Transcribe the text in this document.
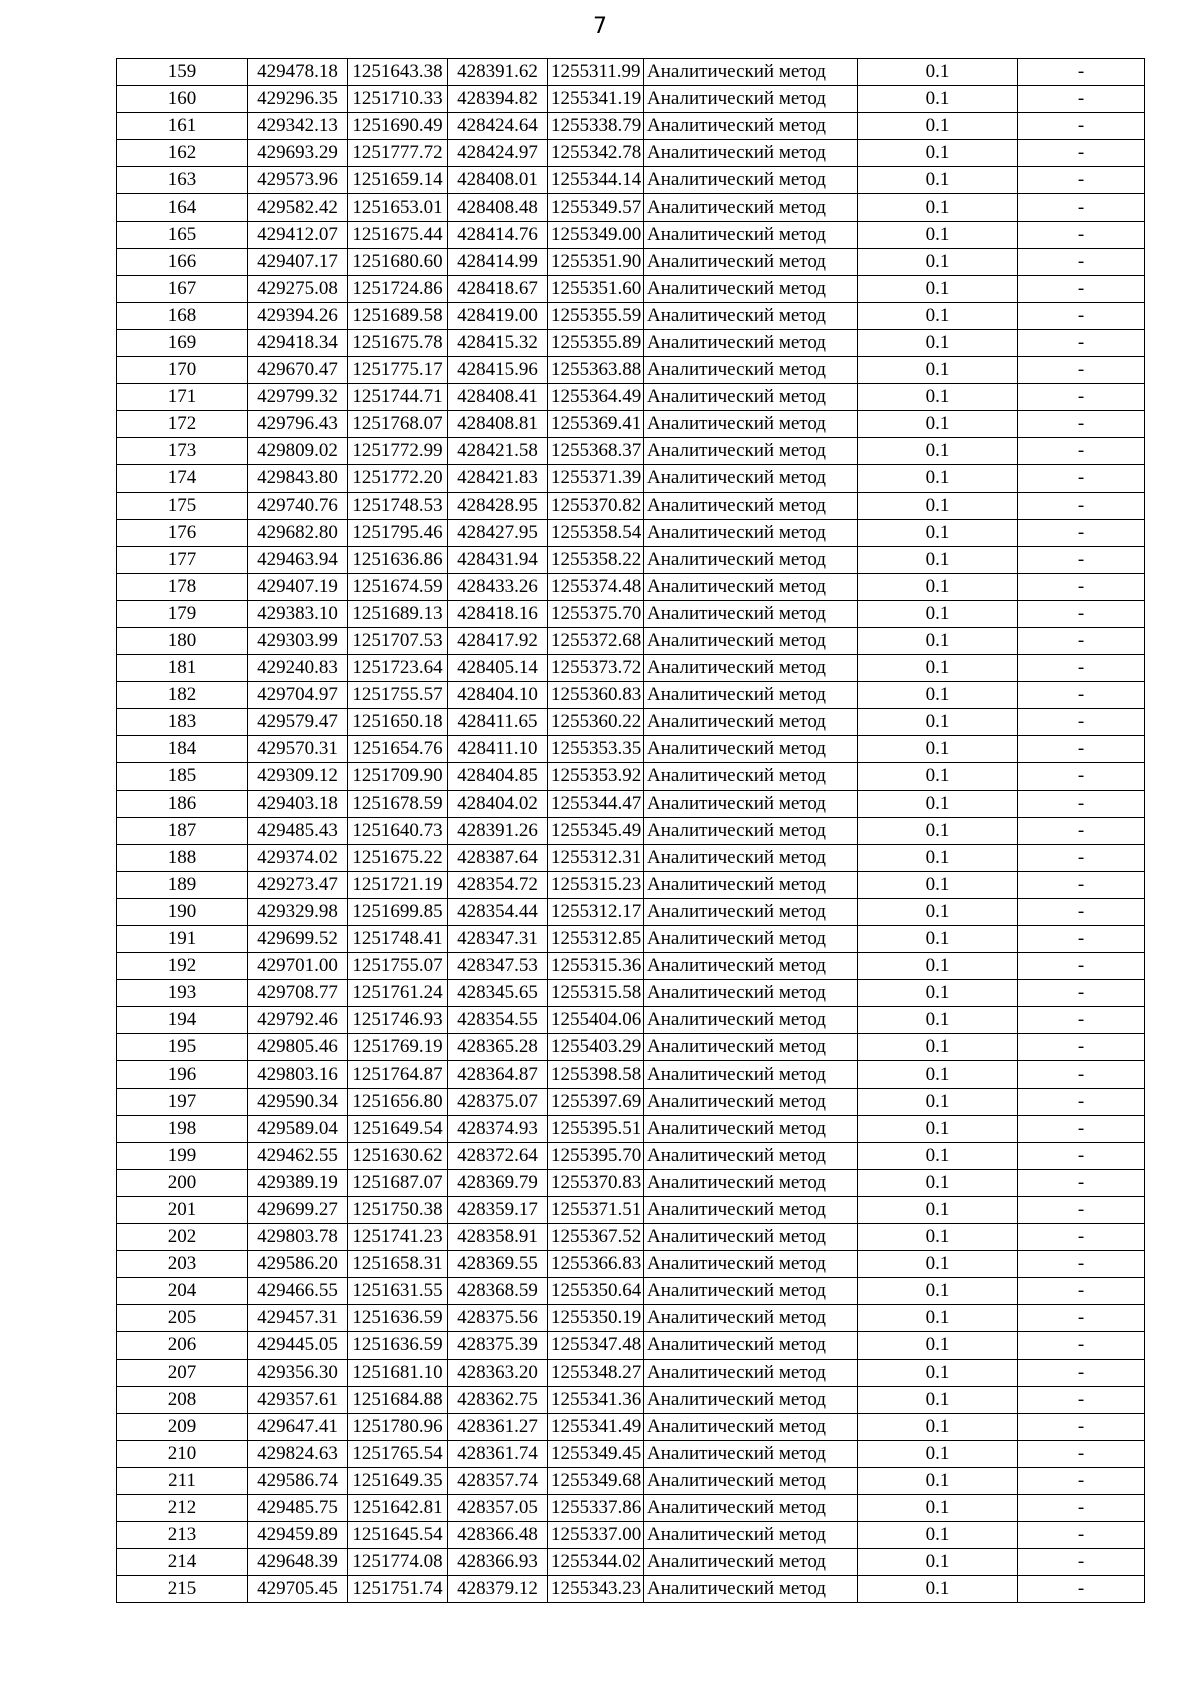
7
159	429478.18	1251643.38	428391.62	1255311.99	Аналитический метод	0.1	-
160	429296.35	1251710.33	428394.82	1255341.19	Аналитический метод	0.1	-
161	429342.13	1251690.49	428424.64	1255338.79	Аналитический метод	0.1	-
162	429693.29	1251777.72	428424.97	1255342.78	Аналитический метод	0.1	-
163	429573.96	1251659.14	428408.01	1255344.14	Аналитический метод	0.1	-
164	429582.42	1251653.01	428408.48	1255349.57	Аналитический метод	0.1	-
165	429412.07	1251675.44	428414.76	1255349.00	Аналитический метод	0.1	-
166	429407.17	1251680.60	428414.99	1255351.90	Аналитический метод	0.1	-
167	429275.08	1251724.86	428418.67	1255351.60	Аналитический метод	0.1	-
168	429394.26	1251689.58	428419.00	1255355.59	Аналитический метод	0.1	-
169	429418.34	1251675.78	428415.32	1255355.89	Аналитический метод	0.1	-
170	429670.47	1251775.17	428415.96	1255363.88	Аналитический метод	0.1	-
171	429799.32	1251744.71	428408.41	1255364.49	Аналитический метод	0.1	-
172	429796.43	1251768.07	428408.81	1255369.41	Аналитический метод	0.1	-
173	429809.02	1251772.99	428421.58	1255368.37	Аналитический метод	0.1	-
174	429843.80	1251772.20	428421.83	1255371.39	Аналитический метод	0.1	-
175	429740.76	1251748.53	428428.95	1255370.82	Аналитический метод	0.1	-
176	429682.80	1251795.46	428427.95	1255358.54	Аналитический метод	0.1	-
177	429463.94	1251636.86	428431.94	1255358.22	Аналитический метод	0.1	-
178	429407.19	1251674.59	428433.26	1255374.48	Аналитический метод	0.1	-
179	429383.10	1251689.13	428418.16	1255375.70	Аналитический метод	0.1	-
180	429303.99	1251707.53	428417.92	1255372.68	Аналитический метод	0.1	-
181	429240.83	1251723.64	428405.14	1255373.72	Аналитический метод	0.1	-
182	429704.97	1251755.57	428404.10	1255360.83	Аналитический метод	0.1	-
183	429579.47	1251650.18	428411.65	1255360.22	Аналитический метод	0.1	-
184	429570.31	1251654.76	428411.10	1255353.35	Аналитический метод	0.1	-
185	429309.12	1251709.90	428404.85	1255353.92	Аналитический метод	0.1	-
186	429403.18	1251678.59	428404.02	1255344.47	Аналитический метод	0.1	-
187	429485.43	1251640.73	428391.26	1255345.49	Аналитический метод	0.1	-
188	429374.02	1251675.22	428387.64	1255312.31	Аналитический метод	0.1	-
189	429273.47	1251721.19	428354.72	1255315.23	Аналитический метод	0.1	-
190	429329.98	1251699.85	428354.44	1255312.17	Аналитический метод	0.1	-
191	429699.52	1251748.41	428347.31	1255312.85	Аналитический метод	0.1	-
192	429701.00	1251755.07	428347.53	1255315.36	Аналитический метод	0.1	-
193	429708.77	1251761.24	428345.65	1255315.58	Аналитический метод	0.1	-
194	429792.46	1251746.93	428354.55	1255404.06	Аналитический метод	0.1	-
195	429805.46	1251769.19	428365.28	1255403.29	Аналитический метод	0.1	-
196	429803.16	1251764.87	428364.87	1255398.58	Аналитический метод	0.1	-
197	429590.34	1251656.80	428375.07	1255397.69	Аналитический метод	0.1	-
198	429589.04	1251649.54	428374.93	1255395.51	Аналитический метод	0.1	-
199	429462.55	1251630.62	428372.64	1255395.70	Аналитический метод	0.1	-
200	429389.19	1251687.07	428369.79	1255370.83	Аналитический метод	0.1	-
201	429699.27	1251750.38	428359.17	1255371.51	Аналитический метод	0.1	-
202	429803.78	1251741.23	428358.91	1255367.52	Аналитический метод	0.1	-
203	429586.20	1251658.31	428369.55	1255366.83	Аналитический метод	0.1	-
204	429466.55	1251631.55	428368.59	1255350.64	Аналитический метод	0.1	-
205	429457.31	1251636.59	428375.56	1255350.19	Аналитический метод	0.1	-
206	429445.05	1251636.59	428375.39	1255347.48	Аналитический метод	0.1	-
207	429356.30	1251681.10	428363.20	1255348.27	Аналитический метод	0.1	-
208	429357.61	1251684.88	428362.75	1255341.36	Аналитический метод	0.1	-
209	429647.41	1251780.96	428361.27	1255341.49	Аналитический метод	0.1	-
210	429824.63	1251765.54	428361.74	1255349.45	Аналитический метод	0.1	-
211	429586.74	1251649.35	428357.74	1255349.68	Аналитический метод	0.1	-
212	429485.75	1251642.81	428357.05	1255337.86	Аналитический метод	0.1	-
213	429459.89	1251645.54	428366.48	1255337.00	Аналитический метод	0.1	-
214	429648.39	1251774.08	428366.93	1255344.02	Аналитический метод	0.1	-
215	429705.45	1251751.74	428379.12	1255343.23	Аналитический метод	0.1	-
